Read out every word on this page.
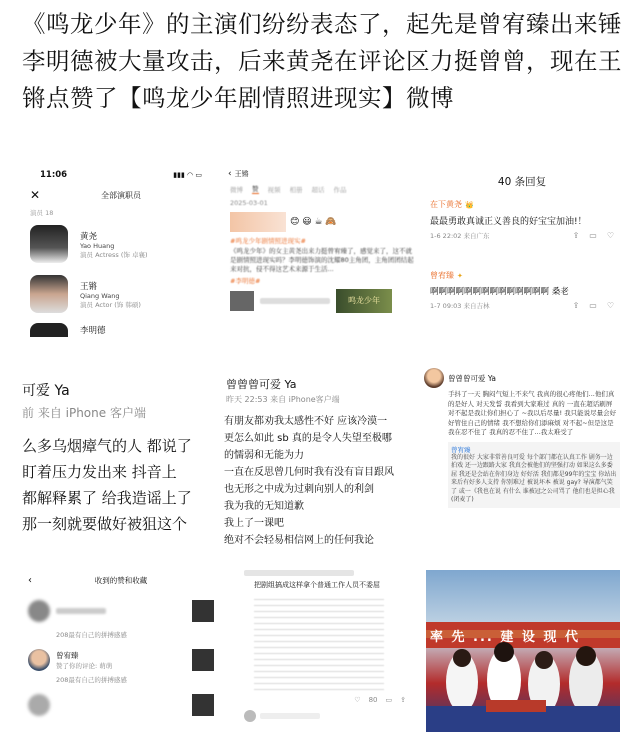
《鸣龙少年》的主演们纷纷表态了，起先是曾宥臻出来锤李明德被大量攻击，后来黄尧在评论区力挺曾曾，现在王锵点赞了【鸣龙少年剧情照进现实】微博
11:06	▮▮▮ ◠ ▭
✕	全部演职员
演员 18
黄尧
Yao Huang
演员 Actress (饰 卓襄)
王锵
Qiang Wang
演员 Actor (饰 韩硕)
李明德
‹ 王锵
微博 赞 视频 相册 超话 作品
2025-03-01
😊 😃 ☕ 🙈
#鸣龙少年剧情照进现实#
《鸣龙少年》的女主黄尧出来力挺曾宥臻了，感觉来了，这不就是剧情照进现实吗？李明德饰演的沈耀80主角团，主角团团结起来对抗，侵不得这艺术来源于生活...
#李明德#
鸣龙少年
40 条回复
在下黄尧 👑
最最勇敢真诚正义善良的好宝宝加油!！
1-6 22:02 来自广东	⇪ ▭ ♡
曾宥臻 ✦
啊啊啊啊啊啊啊啊啊啊啊啊啊啊 桑老
1-7 09:03 来自吉林	⇪ ▭ ♡
可爱 Ya
前 来自 iPhone 客户端
么多乌烟瘴气的人 都说了
盯着压力发出来 抖音上
都解释累了 给我造谣上了
那一刻就要做好被狙这个
曾曾曾可爱 Ya
昨天 22:53 来自 iPhone客户端
有朋友都劝我太感性不好 应该冷漠一
更怎么如此 sb 真的是令人失望至极哪
的懦弱和无能为力
一直在反思曾几何时我有没有盲目跟风
也无形之中成为过刺向别人的利剑
我为我的无知道歉
我上了一课吧
绝对不会轻易相信网上的任何我论
曾曾曾可爱 Ya
手抖了一天 胸闷气短上不来气 我真的很心疼他们...他们真的是好人 对天发誓 我看到大家难过 真的 一直在超话刷屏 对不起是我让你们担心了 ~我以后尽量! 我只能说尽量会好好管住自己的情绪 我不想给你们添麻烦 对不起~但是这是我在忍不住了 我真的忍不住了...我太难受了
曾宥臻
我的很好 大家非常善良可爱 每个部门都在认真工作 剧务一边拍戏 还一边跟路大家 我真会被他们的坚强打动 如果这么多委屈 我还是会站在你们身边 好好活 我们都是99年的宝宝 你站出来后有好多人支持 你别难过 被说坏本 被说 gay? 导演都气笑了 或一《我也在说 有什么 谁被冠之公司骂了 他们也是担心我(闭麦了)
‹	收到的赞和收藏
208最有自己的拼搏感感
曾宥臻
赞了你的评论: 萌萌
208最有自己的拼搏感感
把剧组搞成这样拿个普通工作人员不委屈
♡ 80 ▭ ⇪
率 先 ... 建 设 现 代
